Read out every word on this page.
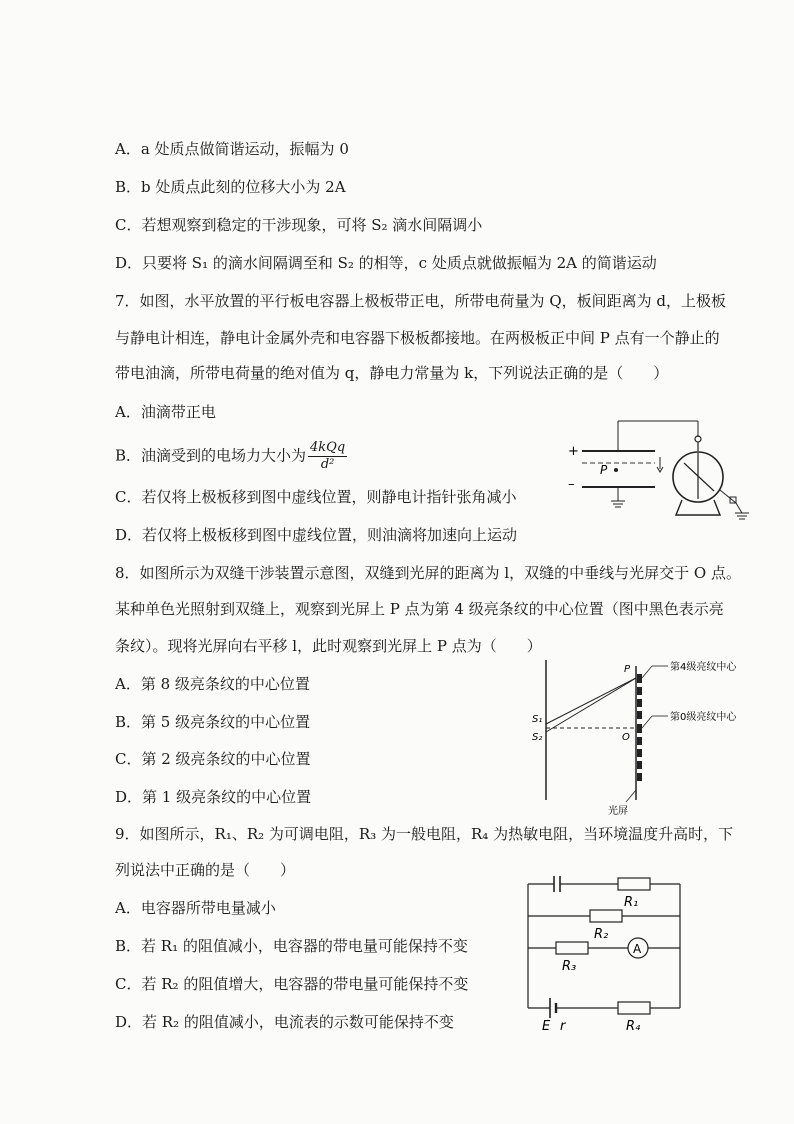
A．a 处质点做简谐运动，振幅为 0
B．b 处质点此刻的位移大小为 2A
C．若想观察到稳定的干涉现象，可将 S₂ 滴水间隔调小
D．只要将 S₁ 的滴水间隔调至和 S₂ 的相等，c 处质点就做振幅为 2A 的简谐运动
7．如图，水平放置的平行板电容器上极板带正电，所带电荷量为 Q，板间距离为 d，上极板
与静电计相连，静电计金属外壳和电容器下极板都接地。在两极板正中间 P 点有一个静止的
带电油滴，所带电荷量的绝对值为 q，静电力常量为 k，下列说法正确的是（　　）
A．油滴带正电
B．油滴受到的电场力大小为 $\frac{\text{4kQq}}{\text{d²}}$
C．若仅将上极板移到图中虚线位置，则静电计指针张角减小
D．若仅将上极板移到图中虚线位置，则油滴将加速向上运动
+
–
P
8．如图所示为双缝干涉装置示意图，双缝到光屏的距离为 l，双缝的中垂线与光屏交于 O 点。
某种单色光照射到双缝上，观察到光屏上 P 点为第 4 级亮条纹的中心位置（图中黑色表示亮
条纹）。现将光屏向右平移 l，此时观察到光屏上 P 点为（　　）
A．第 8 级亮条纹的中心位置
B．第 5 级亮条纹的中心位置
C．第 2 级亮条纹的中心位置
D．第 1 级亮条纹的中心位置
S₁
S₂
P
O
第4级亮纹中心
第0级亮纹中心
光屏
9．如图所示，R₁、R₂ 为可调电阻，R₃ 为一般电阻，R₄ 为热敏电阻，当环境温度升高时，下
列说法中正确的是（　　）
A．电容器所带电量减小
B．若 R₁ 的阻值减小，电容器的带电量可能保持不变
C．若 R₂ 的阻值增大，电容器的带电量可能保持不变
D．若 R₂ 的阻值减小，电流表的示数可能保持不变
R₁
R₂
A
R₃
E r	R₄
